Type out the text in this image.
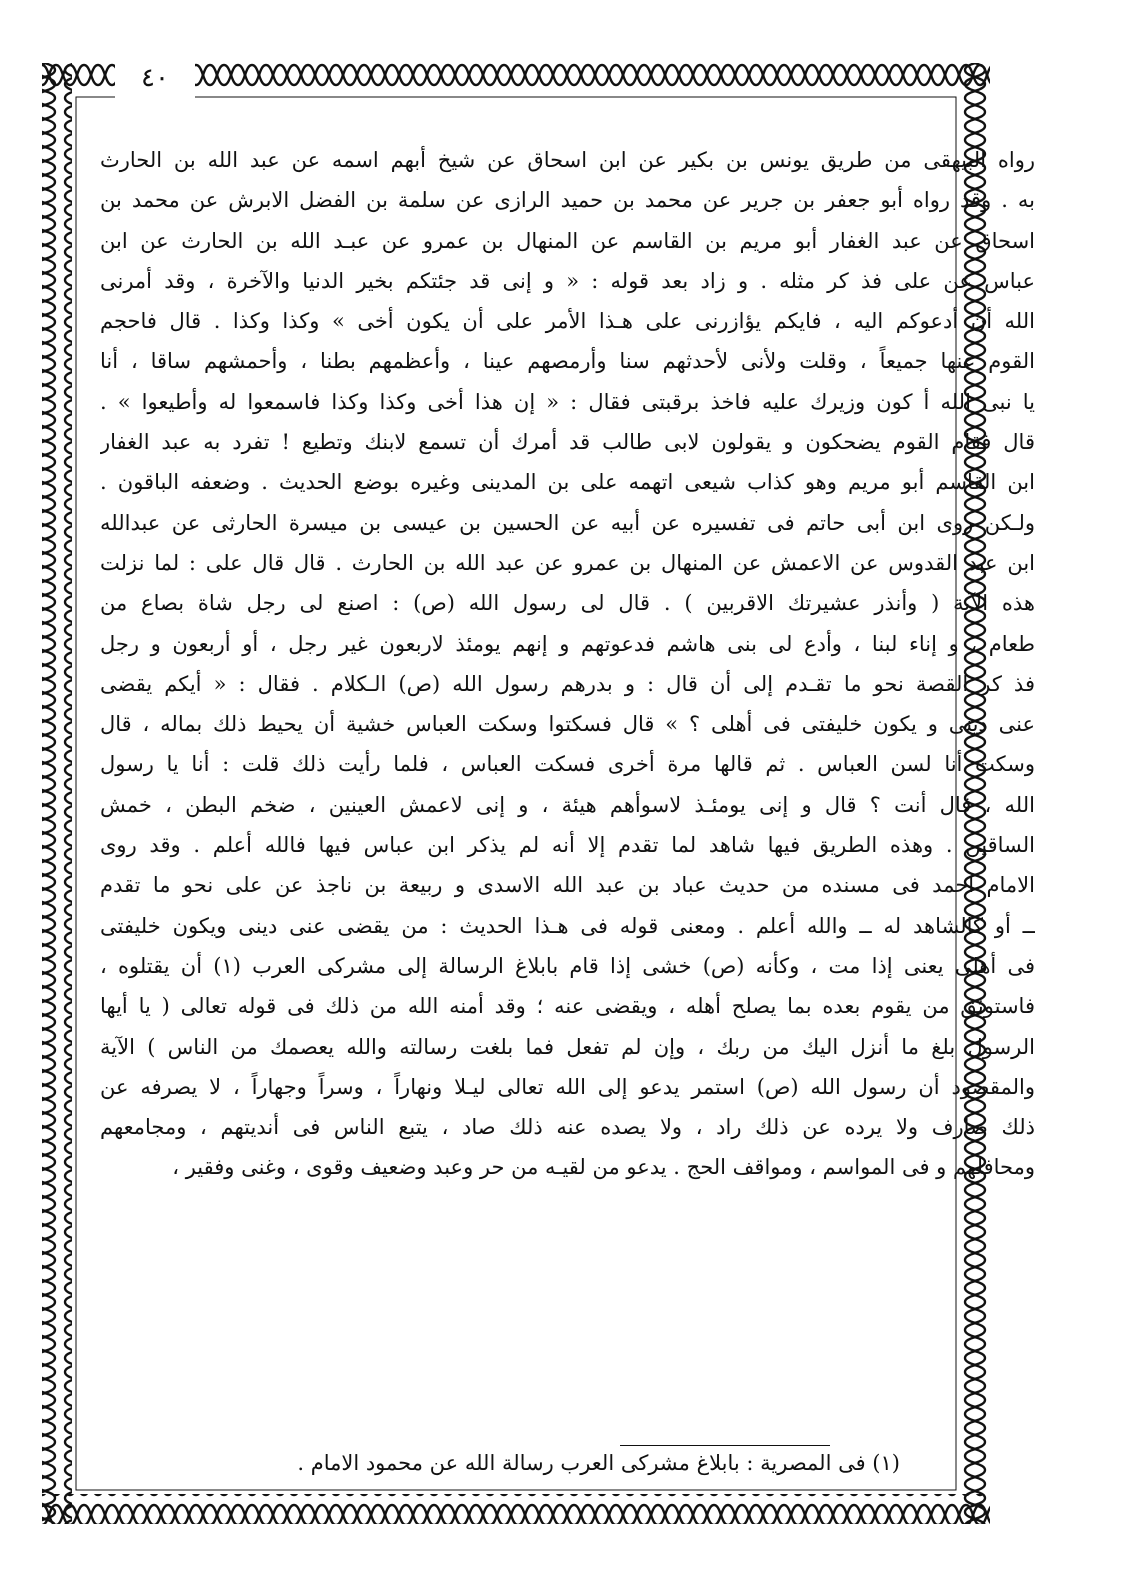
٤٠
رواه البيهقى من طريق يونس بن بكير عن ابن اسحاق عن شيخ أبهم اسمه عن عبد الله بن الحارث
به . وقد رواه أبو جعفر بن جرير عن محمد بن حميد الرازى عن سلمة بن الفضل الابرش عن محمد بن
اسحاق عن عبد الغفار أبو مريم بن القاسم عن المنهال بن عمرو عن عبـد الله بن الحارث عن ابن
عباس عن على فذ كر مثله . و زاد بعد قوله : « و إنى قد جئتكم بخير الدنيا والآخرة ، وقد أمرنى
الله أن أدعوكم اليه ، فايكم يؤازرنى على هـذا الأمر على أن يكون أخى » وكذا وكذا . قال فاحجم
القوم عنها جميعاً ، وقلت ولأنى لأحدثهم سنا وأرمصهم عينا ، وأعظمهم بطنا ، وأحمشهم ساقا ، أنا
يا نبى الله أ كون وزيرك عليه فاخذ برقبتى فقال : « إن هذا أخى وكذا وكذا فاسمعوا له وأطيعوا » .
قال فقام القوم يضحكون و يقولون لابى طالب قد أمرك أن تسمع لابنك وتطيع ! تفرد به عبد الغفار
ابن القاسم أبو مريم وهو كذاب شيعى اتهمه على بن المدينى وغيره بوضع الحديث . وضعفه الباقون .
ولـكن روى ابن أبى حاتم فى تفسيره عن أبيه عن الحسين بن عيسى بن ميسرة الحارثى عن عبدالله
ابن عبد القدوس عن الاعمش عن المنهال بن عمرو عن عبد الله بن الحارث . قال قال على : لما نزلت
هذه الآية ( وأنذر عشيرتك الاقربين ) . قال لى رسول الله (ص) : اصنع لى رجل شاة بصاع من
طعام ، و إناء لبنا ، وأدع لى بنى هاشم فدعوتهم و إنهم يومئذ لاربعون غير رجل ، أو أربعون و رجل
فذ كر القصة نحو ما تقـدم إلى أن قال : و بدرهم رسول الله (ص) الـكلام . فقال : « أيكم يقضى
عنى دينى و يكون خليفتى فى أهلى ؟ » قال فسكتوا وسكت العباس خشية أن يحيط ذلك بماله ، قال
وسكت أنا لسن العباس . ثم قالها مرة أخرى فسكت العباس ، فلما رأيت ذلك قلت : أنا يا رسول
الله ، قال أنت ؟ قال و إنى يومئـذ لاسوأهم هيئة ، و إنى لاعمش العينين ، ضخم البطن ، خمش
الساقين . وهذه الطريق فيها شاهد لما تقدم إلا أنه لم يذكر ابن عباس فيها فالله أعلم . وقد روى
الامام احمد فى مسنده من حديث عباد بن عبد الله الاسدى و ربيعة بن ناجذ عن على نحو ما تقدم
ــ أو كالشاهد له ــ والله أعلم . ومعنى قوله فى هـذا الحديث : من يقضى عنى دينى ويكون خليفتى
فى أهلى يعنى إذا مت ، وكأنه (ص) خشى إذا قام بابلاغ الرسالة إلى مشركى العرب (١) أن يقتلوه ،
فاستوثق من يقوم بعده بما يصلح أهله ، ويقضى عنه ؛ وقد أمنه الله من ذلك فى قوله تعالى ( يا أيها
الرسول بلغ ما أنزل اليك من ربك ، وإن لم تفعل فما بلغت رسالته والله يعصمك من الناس ) الآية
والمقصود أن رسول الله (ص) استمر يدعو إلى الله تعالى ليـلا ونهاراً ، وسراً وجهاراً ، لا يصرفه عن
ذلك صارف ولا يرده عن ذلك راد ، ولا يصده عنه ذلك صاد ، يتبع الناس فى أنديتهم ، ومجامعهم
ومحافلهم و فى المواسم ، ومواقف الحج . يدعو من لقيـه من حر وعبد وضعيف وقوى ، وغنى وفقير ،
(١) فى المصرية : بابلاغ مشركى العرب رسالة الله عن محمود الامام .
